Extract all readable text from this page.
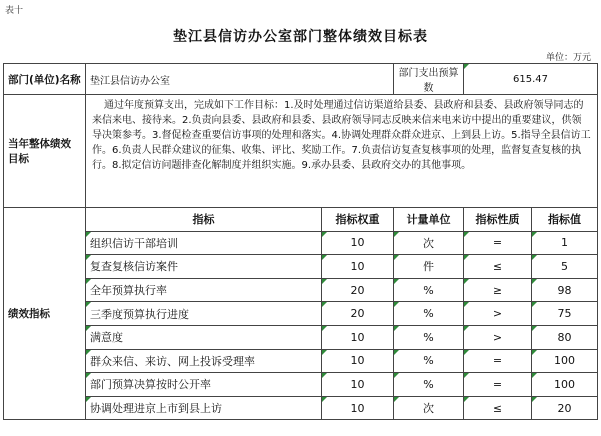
表十
垫江县信访办公室部门整体绩效目标表
单位：万元
部门(单位)名称	垫江县信访办公室		部门支出预算数	615.47	
当年整体绩效目标	通过年度预算支出，完成如下工作目标：1.及时处理通过信访渠道给县委、县政府和县委、县政府领导同志的来信来电、接待来。2.负责向县委、县政府和县委、县政府领导同志反映来信来电来访中提出的重要建议，供领导决策参考。3.督促检查重要信访事项的处理和落实。4.协调处理群众群众进京、上到县上访。5.指导全县信访工作。6.负责人民群众建议的征集、收集、评比、奖励工作。7.负责信访复查复核事项的处理，监督复查复核的执行。8.拟定信访问题排查化解制度并组织实施。9.承办县委、县政府交办的其他事项。				
绩效指标	指标	指标权重	计量单位	指标性质	指标值
	组织信访干部培训	10	次	=	1
	复查复核信访案件	10	件	≤	5
	全年预算执行率	20	%	≥	98
	三季度预算执行进度	20	%	>	75
	满意度	10	%	>	80
	群众来信、来访、网上投诉受理率	10	%	=	100
	部门预算决算按时公开率	10	%	=	100
	协调处理进京上市到县上访	10	次	≤	20
